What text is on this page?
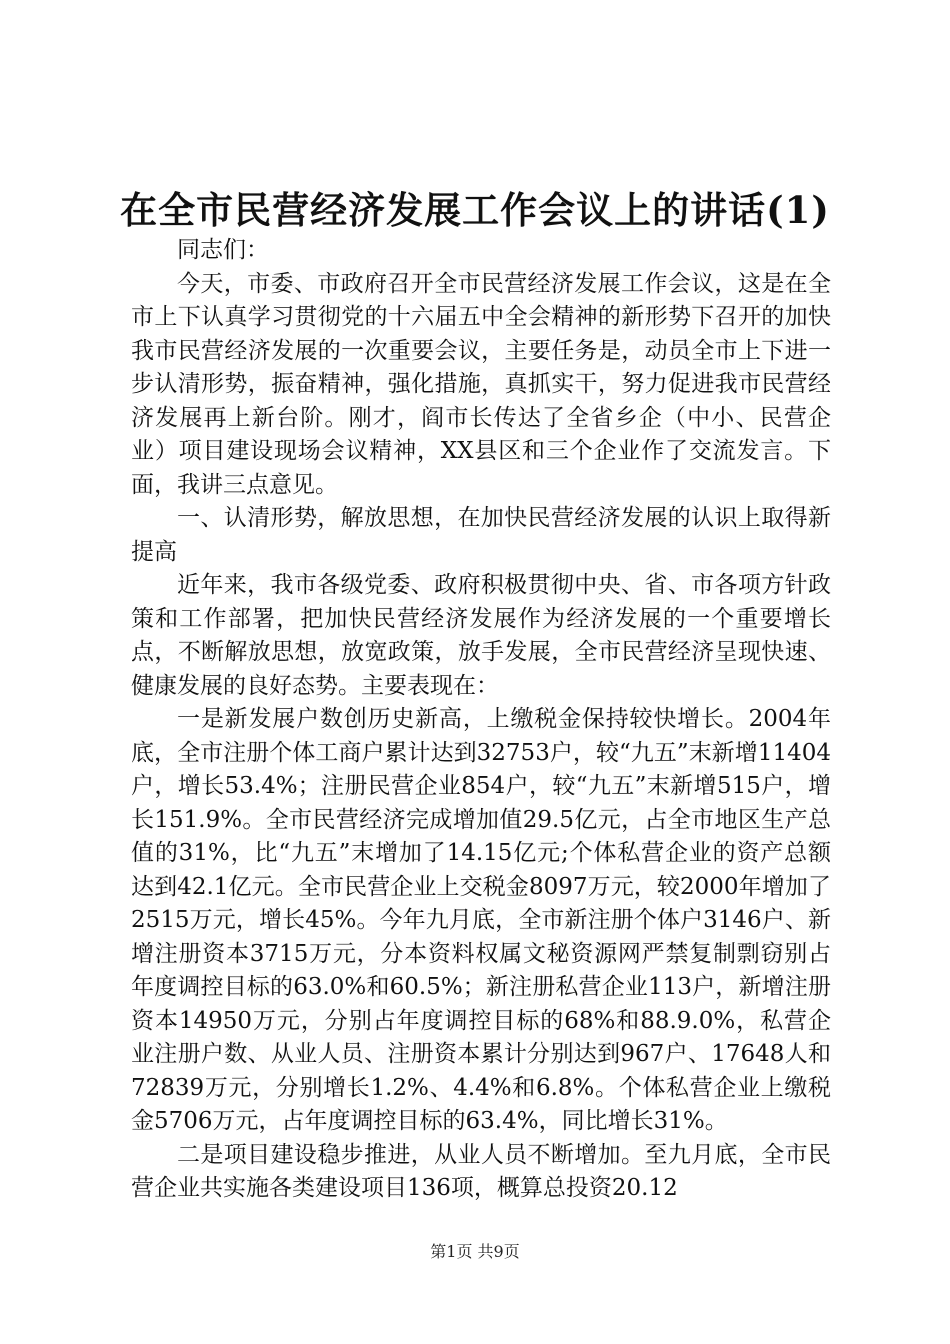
在全市民营经济发展工作会议上的讲话(1)

同志们：

今天，市委、市政府召开全市民营经济发展工作会议，这是在全市上下认真学习贯彻党的十六届五中全会精神的新形势下召开的加快我市民营经济发展的一次重要会议，主要任务是，动员全市上下进一步认清形势，振奋精神，强化措施，真抓实干，努力促进我市民营经济发展再上新台阶。刚才，阎市长传达了全省乡企（中小、民营企业）项目建设现场会议精神，XX县区和三个企业作了交流发言。下面，我讲三点意见。

一、认清形势，解放思想，在加快民营经济发展的认识上取得新提高

近年来，我市各级党委、政府积极贯彻中央、省、市各项方针政策和工作部署，把加快民营经济发展作为经济发展的一个重要增长点，不断解放思想，放宽政策，放手发展，全市民营经济呈现快速、健康发展的良好态势。主要表现在：

一是新发展户数创历史新高，上缴税金保持较快增长。2004年底，全市注册个体工商户累计达到32753户，较“九五”末新增11404户，增长53.4%；注册民营企业854户，较“九五”末新增515户，增长151.9%。全市民营经济完成增加值29.5亿元，占全市地区生产总值的31%，比“九五”末增加了14.15亿元;个体私营企业的资产总额达到42.1亿元。全市民营企业上交税金8097万元，较2000年增加了2515万元，增长45%。今年九月底，全市新注册个体户3146户、新增注册资本3715万元，分本资料权属文秘资源网严禁复制剽窃别占年度调控目标的63.0%和60.5%；新注册私营企业113户，新增注册资本14950万元，分别占年度调控目标的68%和88.9.0%，私营企业注册户数、从业人员、注册资本累计分别达到967户、17648人和72839万元，分别增长1.2%、4.4%和6.8%。个体私营企业上缴税金5706万元，占年度调控目标的63.4%，同比增长31%。

二是项目建设稳步推进，从业人员不断增加。至九月底，全市民营企业共实施各类建设项目136项，概算总投资20.12

第1页 共9页
